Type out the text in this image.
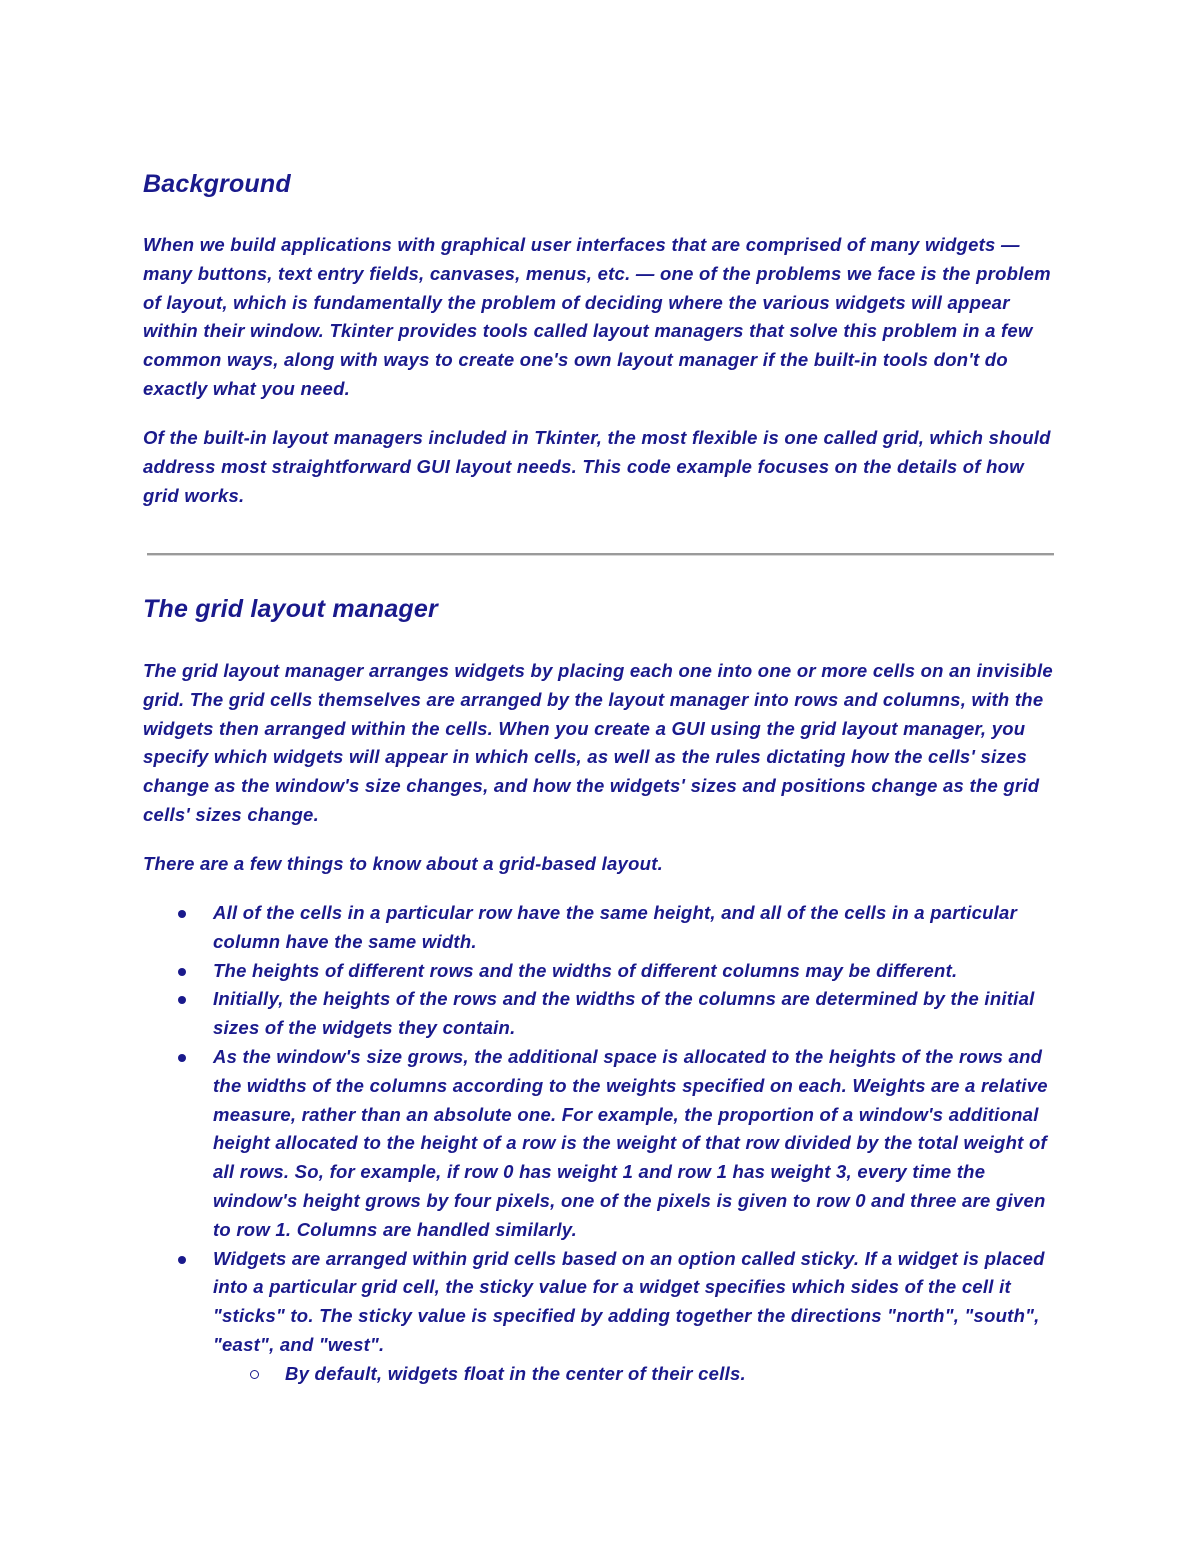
Background

When we build applications with graphical user interfaces that are comprised of many widgets — many buttons, text entry fields, canvases, menus, etc. — one of the problems we face is the problem of layout, which is fundamentally the problem of deciding where the various widgets will appear within their window. Tkinter provides tools called layout managers that solve this problem in a few common ways, along with ways to create one's own layout manager if the built-in tools don't do exactly what you need.

Of the built-in layout managers included in Tkinter, the most flexible is one called grid, which should address most straightforward GUI layout needs. This code example focuses on the details of how grid works.

The grid layout manager

The grid layout manager arranges widgets by placing each one into one or more cells on an invisible grid. The grid cells themselves are arranged by the layout manager into rows and columns, with the widgets then arranged within the cells. When you create a GUI using the grid layout manager, you specify which widgets will appear in which cells, as well as the rules dictating how the cells' sizes change as the window's size changes, and how the widgets' sizes and positions change as the grid cells' sizes change.

There are a few things to know about a grid-based layout.

All of the cells in a particular row have the same height, and all of the cells in a particular column have the same width.
The heights of different rows and the widths of different columns may be different.
Initially, the heights of the rows and the widths of the columns are determined by the initial sizes of the widgets they contain.
As the window's size grows, the additional space is allocated to the heights of the rows and the widths of the columns according to the weights specified on each. Weights are a relative measure, rather than an absolute one. For example, the proportion of a window's additional height allocated to the height of a row is the weight of that row divided by the total weight of all rows. So, for example, if row 0 has weight 1 and row 1 has weight 3, every time the window's height grows by four pixels, one of the pixels is given to row 0 and three are given to row 1. Columns are handled similarly.
Widgets are arranged within grid cells based on an option called sticky. If a widget is placed into a particular grid cell, the sticky value for a widget specifies which sides of the cell it "sticks" to. The sticky value is specified by adding together the directions "north", "south", "east", and "west".
By default, widgets float in the center of their cells.
